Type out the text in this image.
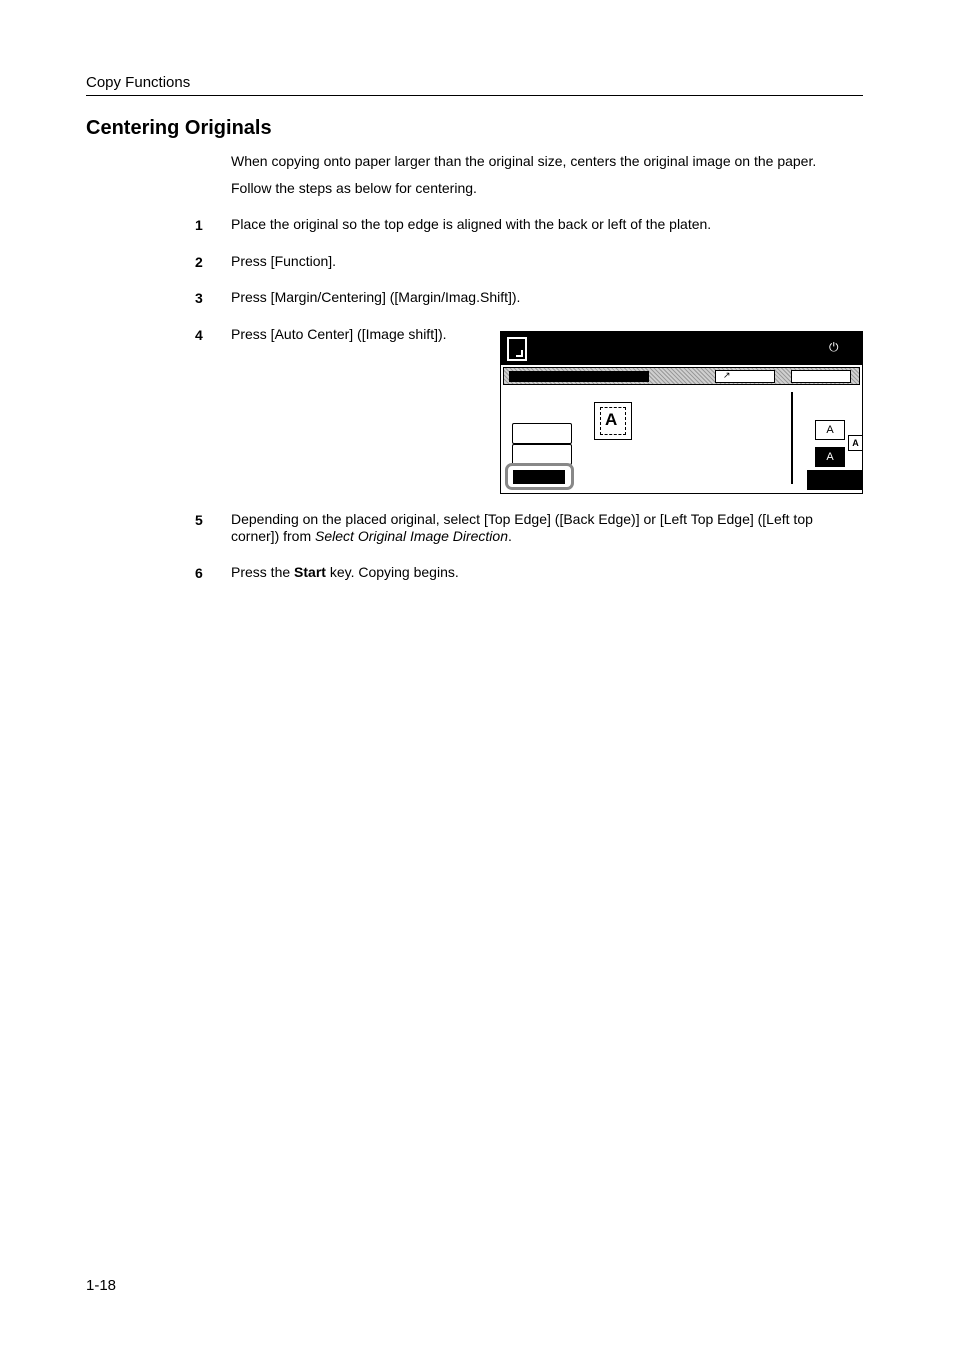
Copy Functions
Centering Originals
When copying onto paper larger than the original size, centers the original image on the paper.
Follow the steps as below for centering.
1 Place the original so the top edge is aligned with the back or left of the platen.
2 Press [Function].
3 Press [Margin/Centering] ([Margin/Imag.Shift]).
4 Press [Auto Center] ([Image shift]).
⏻
↗
A
A
A
A
5 Depending on the placed original, select [Top Edge] ([Back Edge)] or [Left Top Edge] ([Left top corner]) from Select Original Image Direction.
6 Press the Start key. Copying begins.
1-18
